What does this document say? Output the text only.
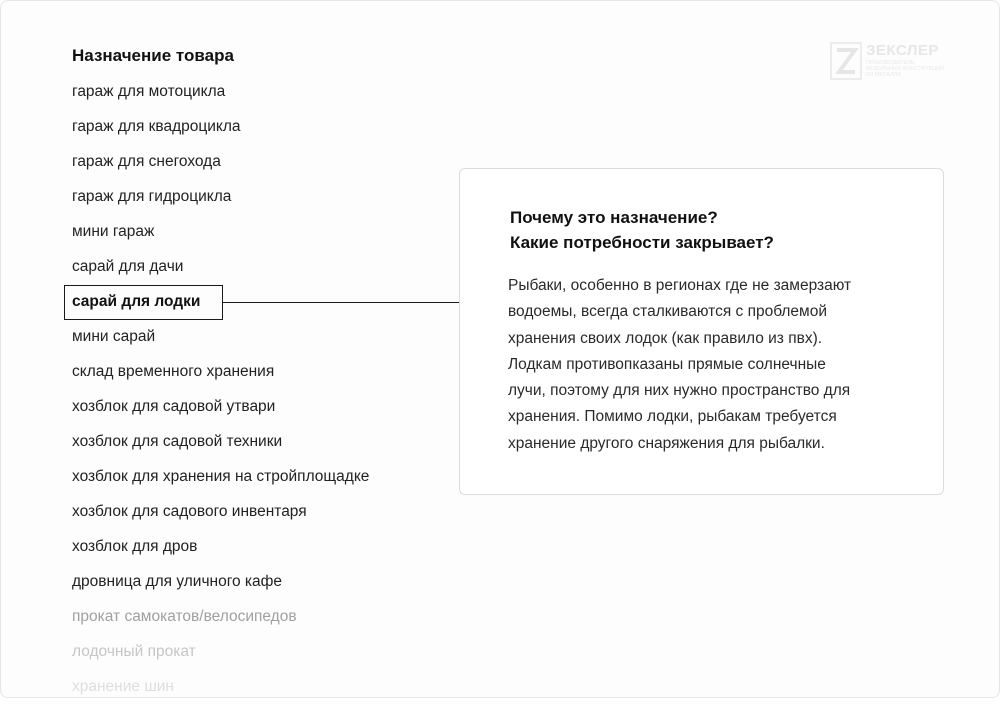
ЗЕКСЛЕР
ПРОИЗВОДИТЕЛЬ
МОДУЛЬНЫХ КОНСТРУКЦИЙ
ИЗ МЕТАЛЛА
Назначение товара
гараж для мотоцикла
гараж для квадроцикла
гараж для снегохода
гараж для гидроцикла
мини гараж
сарай для дачи
сарай для лодки
мини сарай
склад временного хранения
хозблок для садовой утвари
хозблок для садовой техники
хозблок для хранения на стройплощадке
хозблок для садового инвентаря
хозблок для дров
дровница для уличного кафе
прокат самокатов/велосипедов
лодочный прокат
хранение шин
Почему это назначение?
Какие потребности закрывает?

Рыбаки, особенно в регионах где не замерзают
водоемы, всегда сталкиваются с проблемой
хранения своих лодок (как правило из пвх).
Лодкам противопказаны прямые солнечные
лучи, поэтому для них нужно пространство для
хранения. Помимо лодки, рыбакам требуется
хранение другого снаряжения для рыбалки.
